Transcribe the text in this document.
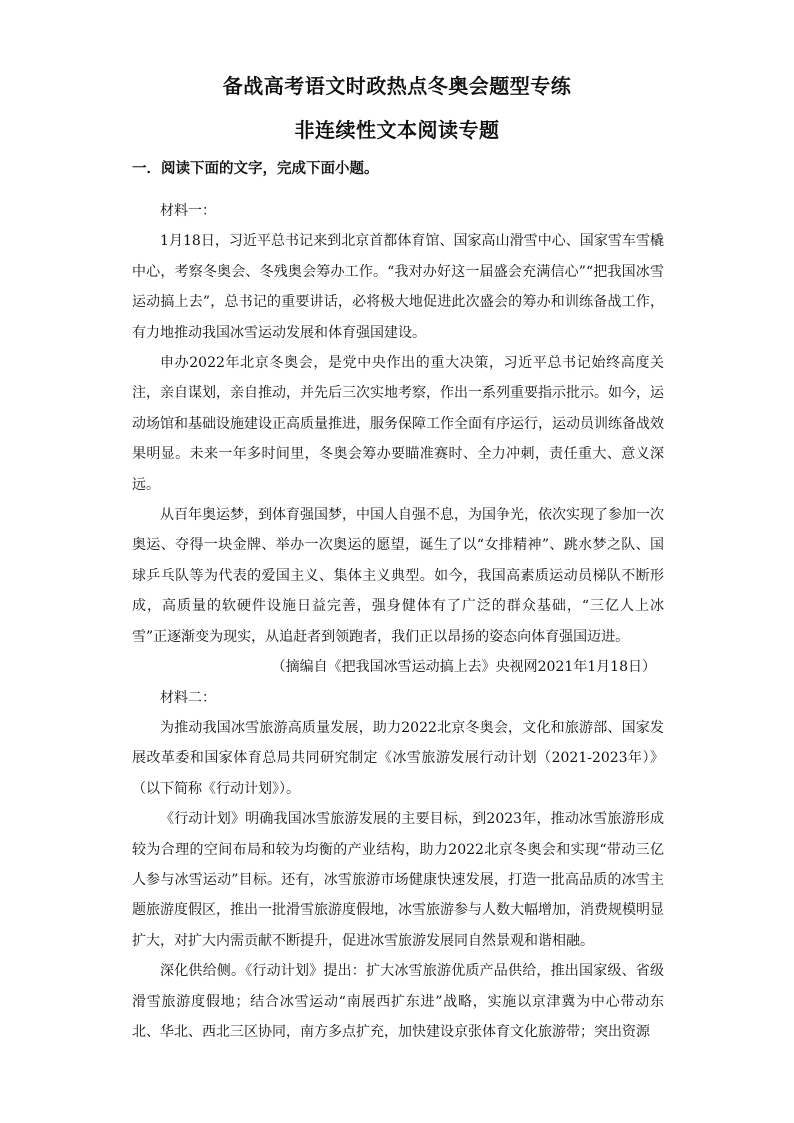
备战高考语文时政热点冬奥会题型专练
非连续性文本阅读专题

一．阅读下面的文字，完成下面小题。

材料一：

1月18日，习近平总书记来到北京首都体育馆、国家高山滑雪中心、国家雪车雪橇中心，考察冬奥会、冬残奥会筹办工作。“我对办好这一届盛会充满信心”“把我国冰雪运动搞上去”，总书记的重要讲话，必将极大地促进此次盛会的筹办和训练备战工作，有力地推动我国冰雪运动发展和体育强国建设。

申办2022年北京冬奥会，是党中央作出的重大决策，习近平总书记始终高度关注，亲自谋划，亲自推动，并先后三次实地考察，作出一系列重要指示批示。如今，运动场馆和基础设施建设正高质量推进，服务保障工作全面有序运行，运动员训练备战效果明显。未来一年多时间里，冬奥会筹办要瞄准赛时、全力冲刺，责任重大、意义深远。

从百年奥运梦，到体育强国梦，中国人自强不息，为国争光，依次实现了参加一次奥运、夺得一块金牌、举办一次奥运的愿望，诞生了以“女排精神”、跳水梦之队、国球乒乓队等为代表的爱国主义、集体主义典型。如今，我国高素质运动员梯队不断形成，高质量的软硬件设施日益完善，强身健体有了广泛的群众基础，“三亿人上冰雪”正逐渐变为现实，从追赶者到领跑者，我们正以昂扬的姿态向体育强国迈进。

（摘编自《把我国冰雪运动搞上去》央视网2021年1月18日）

材料二：

为推动我国冰雪旅游高质量发展，助力2022北京冬奥会，文化和旅游部、国家发展改革委和国家体育总局共同研究制定《冰雪旅游发展行动计划（2021-2023年）》（以下简称《行动计划》）。

《行动计划》明确我国冰雪旅游发展的主要目标，到2023年，推动冰雪旅游形成较为合理的空间布局和较为均衡的产业结构，助力2022北京冬奥会和实现“带动三亿人参与冰雪运动”目标。还有，冰雪旅游市场健康快速发展，打造一批高品质的冰雪主题旅游度假区，推出一批滑雪旅游度假地，冰雪旅游参与人数大幅增加，消费规模明显扩大，对扩大内需贡献不断提升，促进冰雪旅游发展同自然景观和谐相融。

深化供给侧。《行动计划》提出：扩大冰雪旅游优质产品供给，推出国家级、省级滑雪旅游度假地；结合冰雪运动“南展西扩东进”战略，实施以京津冀为中心带动东北、华北、西北三区协同，南方多点扩充，加快建设京张体育文化旅游带；突出资源
